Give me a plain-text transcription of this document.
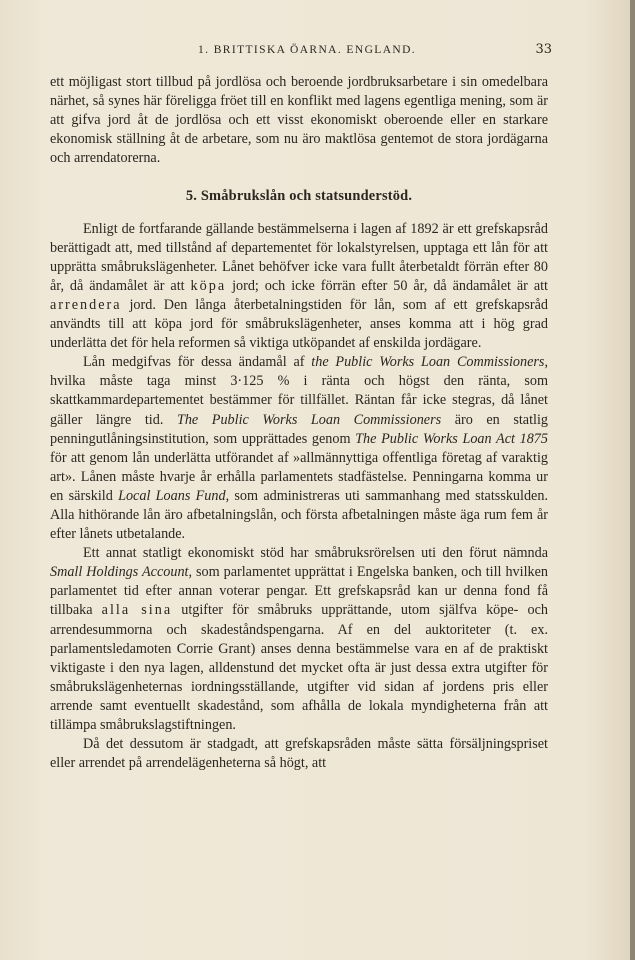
1. BRITTISKA ÖARNA. ENGLAND.	33

ett möjligast stort tillbud på jordlösa och beroende jordbruksarbetare i sin omedelbara närhet, så synes här föreligga fröet till en konflikt med lagens egentliga mening, som är att gifva jord åt de jordlösa och ett visst ekonomiskt oberoende eller en starkare ekonomisk ställning åt de arbetare, som nu äro maktlösa gentemot de stora jordägarna och arrendatorerna.

5. Småbrukslån och statsunderstöd.

Enligt de fortfarande gällande bestämmelserna i lagen af 1892 är ett grefskapsråd berättigadt att, med tillstånd af departementet för lokalstyrelsen, upptaga ett lån för att upprätta småbrukslägenheter. Lånet behöfver icke vara fullt återbetaldt förrän efter 80 år, då ändamålet är att köpa jord; och icke förrän efter 50 år, då ändamålet är att arrendera jord. Den långa återbetalningstiden för lån, som af ett grefskapsråd användts till att köpa jord för småbrukslägenheter, anses komma att i hög grad underlätta det för hela reformen så viktiga utköpandet af enskilda jordägare.

Lån medgifvas för dessa ändamål af the Public Works Loan Commissioners, hvilka måste taga minst 3·125 % i ränta och högst den ränta, som skattkammardepartementet bestämmer för tillfället. Räntan får icke stegras, då lånet gäller längre tid. The Public Works Loan Commissioners äro en statlig penningutlåningsinstitution, som upprättades genom The Public Works Loan Act 1875 för att genom lån underlätta utförandet af »allmännyttiga offentliga företag af varaktig art». Lånen måste hvarje år erhålla parlamentets stadfästelse. Penningarna komma ur en särskild Local Loans Fund, som administreras uti sammanhang med statsskulden. Alla hithörande lån äro afbetalningslån, och första afbetalningen måste äga rum fem år efter lånets utbetalande.

Ett annat statligt ekonomiskt stöd har småbruksrörelsen uti den förut nämnda Small Holdings Account, som parlamentet upprättat i Engelska banken, och till hvilken parlamentet tid efter annan voterar pengar. Ett grefskapsråd kan ur denna fond få tillbaka alla sina utgifter för småbruks upprättande, utom själfva köpe- och arrendesummorna och skadeståndspengarna. Af en del auktoriteter (t. ex. parlamentsledamoten Corrie Grant) anses denna bestämmelse vara en af de praktiskt viktigaste i den nya lagen, alldenstund det mycket ofta är just dessa extra utgifter för småbrukslägenheternas iordningsställande, utgifter vid sidan af jordens pris eller arrende samt eventuellt skadestånd, som afhålla de lokala myndigheterna från att tillämpa småbrukslagstiftningen.

Då det dessutom är stadgadt, att grefskapsråden måste sätta försäljningspriset eller arrendet på arrendelägenheterna så högt, att
